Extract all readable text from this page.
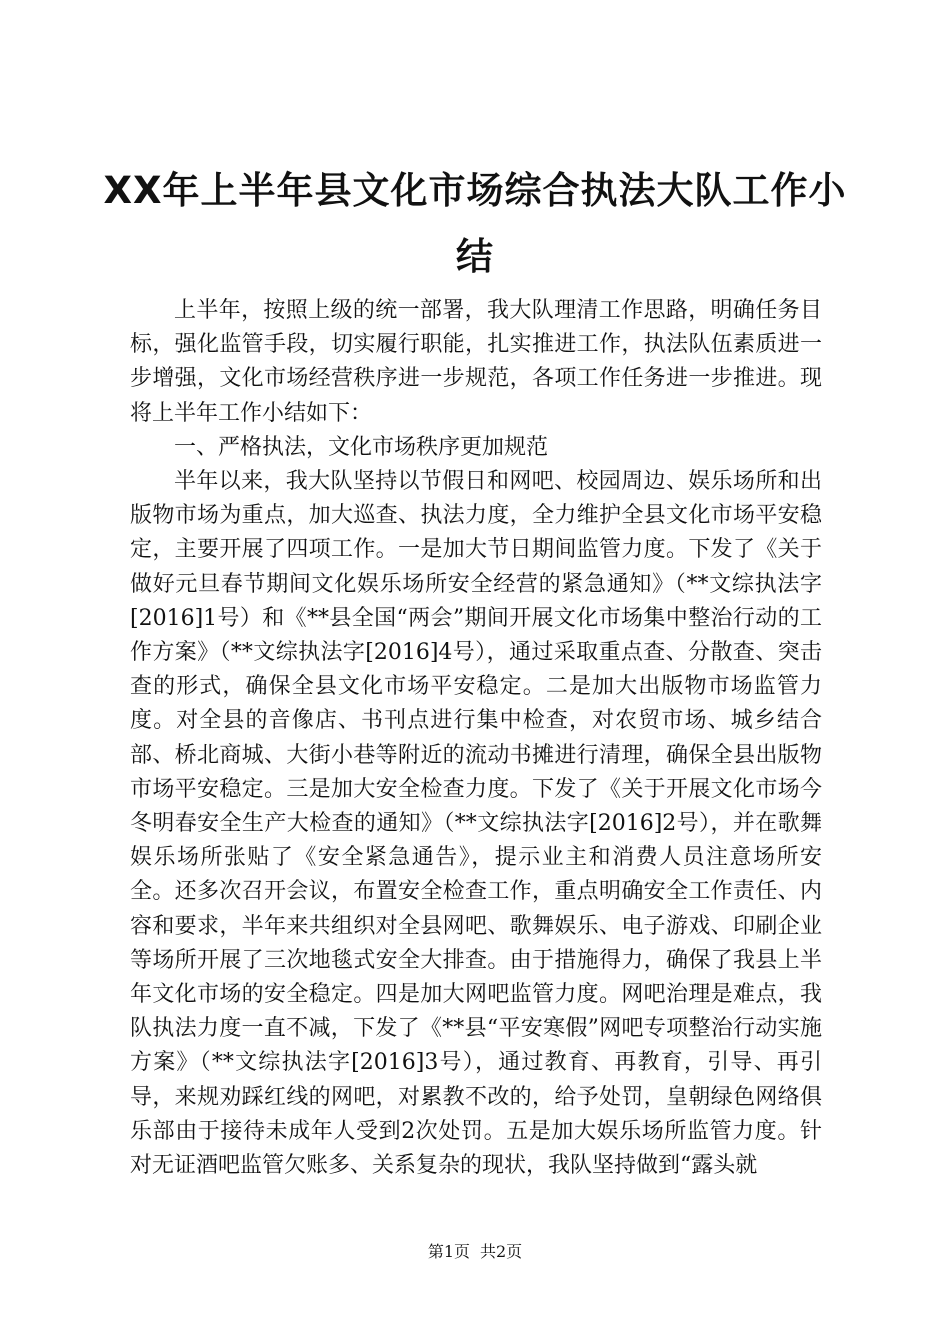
XX年上半年县文化市场综合执法大队工作小结

上半年，按照上级的统一部署，我大队理清工作思路，明确任务目标，强化监管手段，切实履行职能，扎实推进工作，执法队伍素质进一步增强，文化市场经营秩序进一步规范，各项工作任务进一步推进。现将上半年工作小结如下：

一、严格执法，文化市场秩序更加规范

半年以来，我大队坚持以节假日和网吧、校园周边、娱乐场所和出版物市场为重点，加大巡查、执法力度，全力维护全县文化市场平安稳定，主要开展了四项工作。一是加大节日期间监管力度。下发了《关于做好元旦春节期间文化娱乐场所安全经营的紧急通知》（**文综执法字[2016]1号）和《**县全国“两会”期间开展文化市场集中整治行动的工作方案》（**文综执法字[2016]4号），通过采取重点查、分散查、突击查的形式，确保全县文化市场平安稳定。二是加大出版物市场监管力度。对全县的音像店、书刊点进行集中检查，对农贸市场、城乡结合部、桥北商城、大街小巷等附近的流动书摊进行清理，确保全县出版物市场平安稳定。三是加大安全检查力度。下发了《关于开展文化市场今冬明春安全生产大检查的通知》（**文综执法字[2016]2号），并在歌舞娱乐场所张贴了《安全紧急通告》，提示业主和消费人员注意场所安全。还多次召开会议，布置安全检查工作，重点明确安全工作责任、内容和要求，半年来共组织对全县网吧、歌舞娱乐、电子游戏、印刷企业等场所开展了三次地毯式安全大排查。由于措施得力，确保了我县上半年文化市场的安全稳定。四是加大网吧监管力度。网吧治理是难点，我队执法力度一直不减，下发了《**县“平安寒假”网吧专项整治行动实施方案》（**文综执法字[2016]3号），通过教育、再教育，引导、再引导，来规劝踩红线的网吧，对累教不改的，给予处罚，皇朝绿色网络俱乐部由于接待未成年人受到2次处罚。五是加大娱乐场所监管力度。针对无证酒吧监管欠账多、关系复杂的现状，我队坚持做到“露头就

第1页 共2页
